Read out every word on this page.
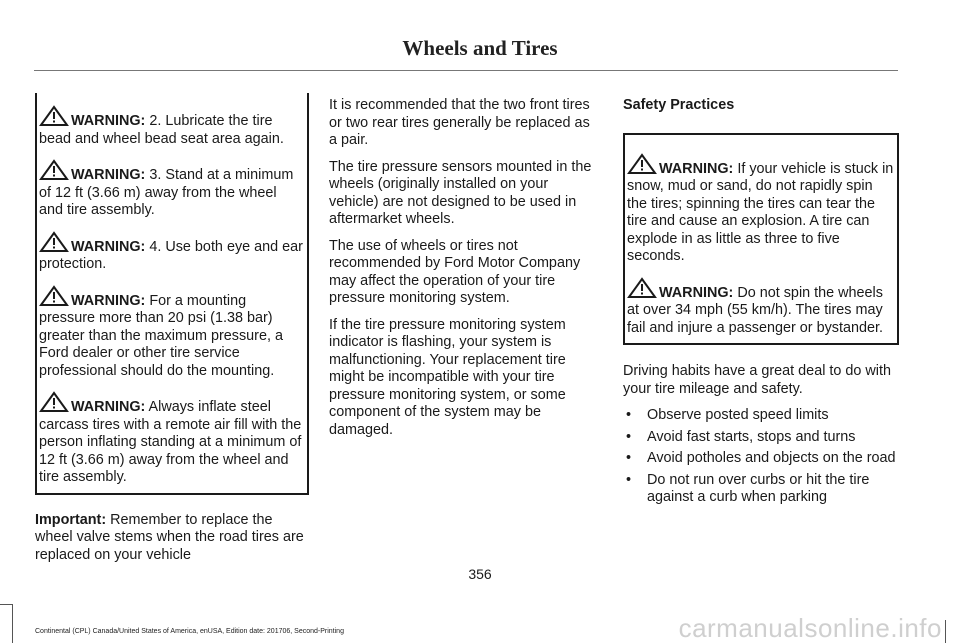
Wheels and Tires
WARNING: 2. Lubricate the tire bead and wheel bead seat area again.
WARNING: 3. Stand at a minimum of 12 ft (3.66 m) away from the wheel and tire assembly.
WARNING: 4. Use both eye and ear protection.
WARNING: For a mounting pressure more than 20 psi (1.38 bar) greater than the maximum pressure, a Ford dealer or other tire service professional should do the mounting.
WARNING: Always inflate steel carcass tires with a remote air fill with the person inflating standing at a minimum of 12 ft (3.66 m) away from the wheel and tire assembly.

Important: Remember to replace the wheel valve stems when the road tires are replaced on your vehicle

It is recommended that the two front tires or two rear tires generally be replaced as a pair.

The tire pressure sensors mounted in the wheels (originally installed on your vehicle) are not designed to be used in aftermarket wheels.

The use of wheels or tires not recommended by Ford Motor Company may affect the operation of your tire pressure monitoring system.

If the tire pressure monitoring system indicator is flashing, your system is malfunctioning. Your replacement tire might be incompatible with your tire pressure monitoring system, or some component of the system may be damaged.

Safety Practices
WARNING: If your vehicle is stuck in snow, mud or sand, do not rapidly spin the tires; spinning the tires can tear the tire and cause an explosion. A tire can explode in as little as three to five seconds.
WARNING: Do not spin the wheels at over 34 mph (55 km/h). The tires may fail and injure a passenger or bystander.

Driving habits have a great deal to do with your tire mileage and safety.

• Observe posted speed limits
• Avoid fast starts, stops and turns
• Avoid potholes and objects on the road
• Do not run over curbs or hit the tire against a curb when parking
356
Continental (CPL) Canada/United States of America, enUSA, Edition date: 201706, Second-Printing	carmanualsonline.info
